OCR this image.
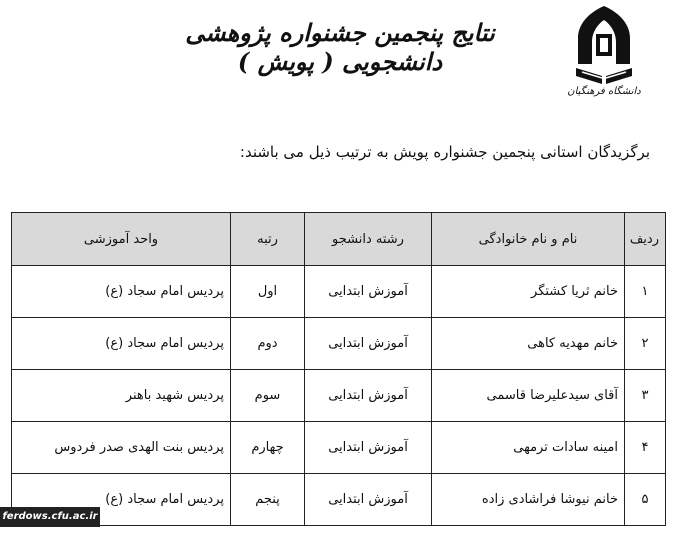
دانشگاه فرهنگیان
نتایج پنجمین جشنواره پژوهشی دانشجویی ( پویش )
برگزیدگان استانی پنجمین جشنواره پویش به ترتیب ذیل می باشند:
ردیف	نام و نام خانوادگی	رشته دانشجو	رتبه	واحد آموزشی
۱	خانم ثریا کشتگر	آموزش ابتدایی	اول	پردیس امام سجاد (ع)
۲	خانم مهدیه کاهی	آموزش ابتدایی	دوم	پردیس امام سجاد (ع)
۳	آقای سیدعلیرضا قاسمی	آموزش ابتدایی	سوم	پردیس شهید باهنر
۴	امینه سادات ترمهی	آموزش ابتدایی	چهارم	پردیس بنت الهدی صدر فردوس
۵	خانم نیوشا فراشادی زاده	آموزش ابتدایی	پنجم	پردیس امام سجاد (ع)
ferdows.cfu.ac.ir
